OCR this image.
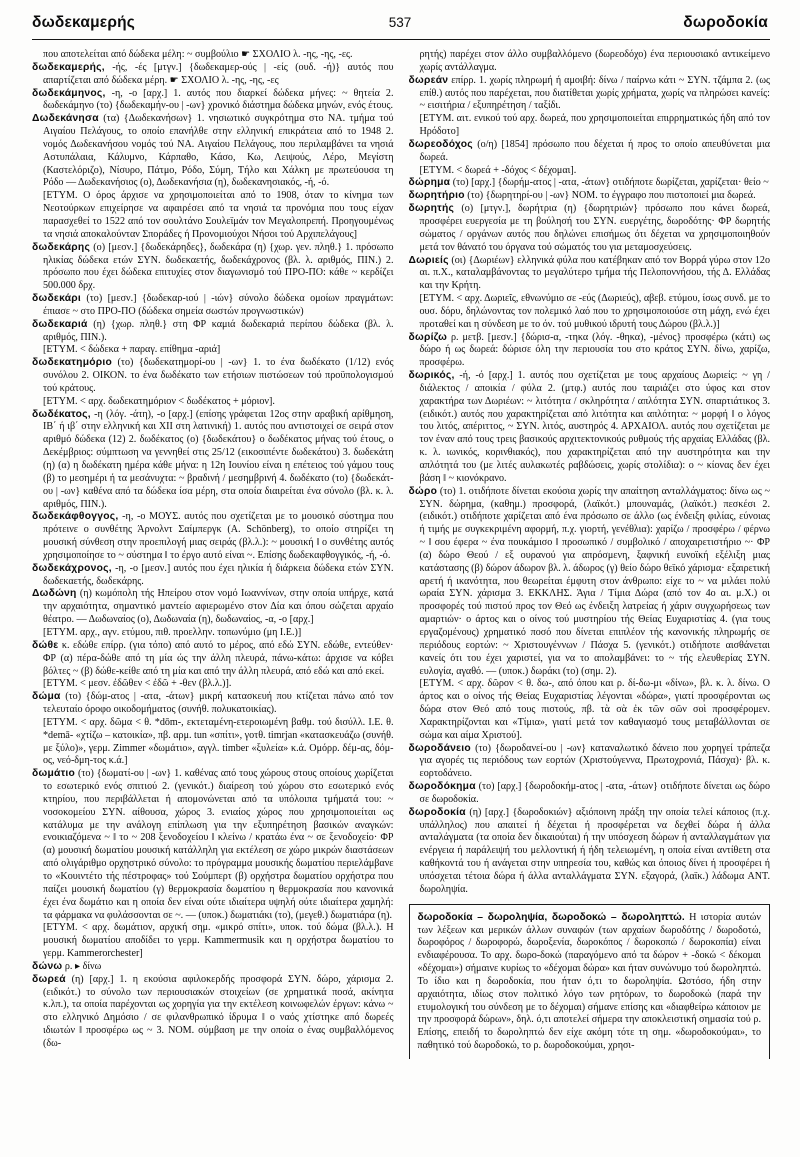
δωδεκαμερής	537	δωροδοκία

που αποτελείται από δώδεκα μέλη: ~ συμβούλιο ☛ ΣΧΟΛΙΟ λ. -ης, -ης, -ες.

δωδεκαμερής, -ής, -ές [μτγν.] {δωδεκαμερ-ούς | -είς (ουδ. -ή)} αυτός που απαρτίζεται από δώδεκα μέρη. ☛ ΣΧΟΛΙΟ λ. -ης, -ης, -ες

δωδεκάμηνος, -η, -ο [αρχ.] 1. αυτός που διαρκεί δώδεκα μήνες: ~ θητεία 2. δωδεκάμηνο (το) {δωδεκαμήν-ου | -ων} χρονικό διάστημα δώδεκα μηνών, ενός έτους.

Δωδεκάνησα (τα) {Δωδεκανήσων} 1. νησιωτικό συγκρότημα στο ΝΑ. τμήμα τού Αιγαίου Πελάγους, το οποίο επανήλθε στην ελληνική επικράτεια από το 1948 2. νομός Δωδεκανήσου νομός τού ΝΑ. Αιγαίου Πελάγους, που περιλαμβάνει τα νησιά Αστυπάλαια, Κάλυμνο, Κάρπαθο, Κάσο, Κω, Λειψούς, Λέρο, Μεγίστη (Καστελόριζο), Νίσυρο, Πάτμο, Ρόδο, Σύμη, Τήλο και Χάλκη με πρωτεύουσα τη Ρόδο — Δωδεκανήσιος (ο), Δωδεκανήσια (η), δωδεκανησιακός, -ή, -ό.

[ΕΤΥΜ. Ο όρος άρχισε να χρησιμοποιείται από το 1908, όταν το κίνημα των Νεοτούρκων επιχείρησε να αφαιρέσει από τα νησιά τα προνόμια που τους είχαν παρασχεθεί το 1522 από τον σουλτάνο Σουλεϊμάν τον Μεγαλοπρεπή. Προηγουμένως τα νησιά αποκαλούνταν Σποράδες ή Προνομιούχοι Νήσοι τού Αρχιπελάγους]

δωδεκάρης (ο) [μεσν.] {δωδεκάρηδες}, δωδεκάρα (η) {χωρ. γεν. πληθ.} 1. πρόσωπο ηλικίας δώδεκα ετών ΣΥΝ. δωδεκαετής, δωδεκάχρονος (βλ. λ. αριθμός, ΠΙΝ.) 2. πρόσωπο που έχει δώδεκα επιτυχίες στον διαγωνισμό τού ΠΡΟ-ΠΟ: κάθε ~ κερδίζει 500.000 δρχ.

δωδεκάρι (το) [μεσν.] {δωδεκαρ-ιού | -ιών} σύνολο δώδεκα ομοίων πραγμάτων: έπιασε ~ στο ΠΡΟ-ΠΟ (δώδεκα σημεία σωστών προγνωστικών)

δωδεκαριά (η) {χωρ. πληθ.} στη ΦΡ καμιά δωδεκαριά περίπου δώδεκα (βλ. λ. αριθμός, ΠΙΝ.).

[ΕΤΥΜ. < δώδεκα + παραγ. επίθημα -αριά]

δωδεκατημόριο (το) {δωδεκατημορί-ου | -ων} 1. το ένα δωδέκατο (1/12) ενός συνόλου 2. ΟΙΚΟΝ. το ένα δωδέκατο των ετήσιων πιστώσεων τού προϋπολογισμού τού κράτους.

[ΕΤΥΜ. < αρχ. δωδεκατημόριον < δωδέκατος + μόριον].

δωδέκατος, -η (λόγ. -άτη), -ο [αρχ.] (επίσης γράφεται 12ος στην αραβική αρίθμηση, ΙΒ΄ ή ιβ΄ στην ελληνική και XII στη λατινική) 1. αυτός που αντιστοιχεί σε σειρά στον αριθμό δώδεκα (12) 2. δωδέκατος (ο) {δωδεκάτου} ο δωδέκατος μήνας τού έτους, ο Δεκέμβριος: σύμπτωση να γεννηθεί στις 25/12 (εικοσιπέντε δωδεκάτου) 3. δωδεκάτη (η) (α) η δωδέκατη ημέρα κάθε μήνα: η 12η Ιουνίου είναι η επέτειος τού γάμου τους (β) το μεσημέρι ή τα μεσάνυχτα: ~ βραδινή / μεσημβρινή 4. δωδέκατο (το) {δωδεκάτ-ου | -ων} καθένα από τα δώδεκα ίσα μέρη, στα οποία διαιρείται ένα σύνολο (βλ. κ. λ. αριθμός, ΠΙΝ.).

δωδεκάφθογγος, -η, -ο ΜΟΥΣ. αυτός που σχετίζεται με το μουσικό σύστημα που πρότεινε ο συνθέτης Άρνολντ Σαίμπεργκ (A. Schönberg), το οποίο στηρίζει τη μουσική σύνθεση στην προεπιλογή μιας σειράς (βλ.λ.): ~ μουσική ‖ ο συνθέτης αυτός χρησιμοποίησε το ~ σύστημα ‖ το έργο αυτό είναι ~. Επίσης δωδεκαφθογγικός, -ή, -ό.

δωδεκάχρονος, -η, -ο [μεσν.] αυτός που έχει ηλικία ή διάρκεια δώδεκα ετών ΣΥΝ. δωδεκαετής, δωδεκάρης.

Δωδώνη (η) κωμόπολη τής Ηπείρου στον νομό Ιωαννίνων, στην οποία υπήρχε, κατά την αρχαιότητα, σημαντικό μαντείο αφιερωμένο στον Δία και όπου σώζεται αρχαίο θέατρο. — Δωδωναίος (ο), Δωδωναία (η), δωδωναίος, -α, -ο [αρχ.]

[ΕΤΥΜ. αρχ., αγν. ετύμου, πιθ. προελλην. τοπωνύμιο (μη Ι.Ε.)]

δώθε κ. εδώθε επίρρ. (για τόπο) από αυτό το μέρος, από εδώ ΣΥΝ. εδώθε, εντεύθεν· ΦΡ (α) πέρα-δώθε από τη μία ώς την άλλη πλευρά, πάνω-κάτω: άρχισε να κόβει βόλτες ~ (β) δώθε-κείθε από τη μία και από την άλλη πλευρά, από εδώ και από εκεί.

[ΕΤΥΜ. < μεσν. ἐδῶθεν < ἐδῶ + -θεν (βλ.λ.)].

δώμα (το) {δώμ-ατος | -ατα, -άτων} μικρή κατασκευή που κτίζεται πάνω από τον τελευταίο όροφο οικοδομήματος (συνήθ. πολυκατοικίας).

[ΕΤΥΜ. < αρχ. δῶμα < θ. *dōm-, εκτεταμένη-ετεροιωμένη βαθμ. τού δισύλλ. Ι.Ε. θ. *demā- «χτίζω – κατοικία», πβ. αρμ. tun «σπίτι», γοτθ. timrjan «κατασκευάζω (συνήθ. με ξύλο)», γερμ. Zimmer «δωμάτιο», αγγλ. timber «ξυλεία» κ.ά. Ομόρρ. δέμ-ας, δόμ-ος, νεό-δμη-τος κ.ά.]

δωμάτιο (το) {δωματί-ου | -ων} 1. καθένας από τους χώρους στους οποίους χωρίζεται το εσωτερικό ενός σπιτιού 2. (γενικότ.) διαίρεση τού χώρου στο εσωτερικό ενός κτηρίου, που περιβάλλεται ή απομονώνεται από τα υπόλοιπα τμήματά του: ~ νοσοκομείου ΣΥΝ. αίθουσα, χώρος 3. ενιαίος χώρος που χρησιμοποιείται ως κατάλυμα με την ανάλογη επίπλωση για την εξυπηρέτηση βασικών αναγκών: ενοικιαζόμενα ~ ‖ το ~ 208 ξενοδοχείου ‖ κλείνω / κρατάω ένα ~ σε ξενοδοχείο· ΦΡ (α) μουσική δωματίου μουσική κατάλληλη για εκτέλεση σε χώρο μικρών διαστάσεων από ολιγάριθμο ορχηστρικό σύνολο: το πρόγραμμα μουσικής δωματίου περιελάμβανε το «Κουιντέτο τής πέστροφας» τού Σούμπερτ (β) ορχήστρα δωματίου ορχήστρα που παίζει μουσική δωματίου (γ) θερμοκρασία δωματίου η θερμοκρασία που κανονικά έχει ένα δωμάτιο και η οποία δεν είναι ούτε ιδιαίτερα υψηλή ούτε ιδιαίτερα χαμηλή: τα φάρμακα να φυλάσσονται σε ~. — (υποκ.) δωματιάκι (το), (μεγεθ.) δωματιάρα (η).

[ΕΤΥΜ. < αρχ. δωμάτιον, αρχική σημ. «μικρό σπίτι», υποκ. τού δώμα (βλ.λ.). Η μουσική δωματίου αποδίδει το γερμ. Kammermusik και η ορχήστρα δωματίου το γερμ. Kammerorchester]

δώνω ρ. ▸ δίνω

δωρεά (η) [αρχ.] 1. η εκούσια αφιλοκερδής προσφορά ΣΥΝ. δώρο, χάρισμα 2. (ειδικότ.) το σύνολο των περιουσιακών στοιχείων (σε χρηματικά ποσά, ακίνητα κ.λπ.), τα οποία παρέχονται ως χορηγία για την εκτέλεση κοινωφελών έργων: κάνω ~ στο ελληνικό Δημόσιο / σε φιλανθρωπικό ίδρυμα ‖ ο ναός χτίστηκε από δωρεές ιδιωτών ‖ προσφέρω ως ~ 3. ΝΟΜ. σύμβαση με την οποία ο ένας συμβαλλόμενος (δω-

ρητής) παρέχει στον άλλο συμβαλλόμενο (δωρεοδόχο) ένα περιουσιακό αντικείμενο χωρίς αντάλλαγμα.

δωρεάν επίρρ. 1. χωρίς πληρωμή ή αμοιβή: δίνω / παίρνω κάτι ~ ΣΥΝ. τζάμπα 2. (ως επίθ.) αυτός που παρέχεται, που διατίθεται χωρίς χρήματα, χωρίς να πληρώσει κανείς: ~ εισιτήρια / εξυπηρέτηση / ταξίδι.

[ΕΤΥΜ. αιτ. ενικού τού αρχ. δωρεά, που χρησιμοποιείται επιρρηματικώς ήδη από τον Ηρόδοτο]

δωρεοδόχος (ο/η) [1854] πρόσωπο που δέχεται ή προς το οποίο απευθύνεται μια δωρεά.

[ΕΤΥΜ. < δωρεά + -δόχος < δέχομαι].

δώρημα (το) [αρχ.] {δωρήμ-ατος | -ατα, -άτων} οτιδήποτε δωρίζεται, χαρίζεται· θείο ~

δωρητήριο (το) {δωρητηρί-ου | -ων} ΝΟΜ. το έγγραφο που πιστοποιεί μια δωρεά.

δωρητής (ο) [μτγν.], δωρήτρια (η) {δωρητριών} πρόσωπο που κάνει δωρεά, προσφέρει ευεργεσία με τη βούλησή του ΣΥΝ. ευεργέτης, δωροδότης· ΦΡ δωρητής σώματος / οργάνων αυτός που δηλώνει επισήμως ότι δέχεται να χρησιμοποιηθούν μετά τον θάνατό του όργανα τού σώματός του για μεταμοσχεύσεις.

Δωριείς (οι) {Δωριέων} ελληνικά φύλα που κατέβηκαν από τον Βορρά γύρω στον 12ο αι. π.Χ., καταλαμβάνοντας το μεγαλύτερο τμήμα τής Πελοποννήσου, τής Δ. Ελλάδας και την Κρήτη.

[ΕΤΥΜ. < αρχ. Δωριεῖς, εθνωνύμιο σε -εύς (Δωριεύς), αβεβ. ετύμου, ίσως συνδ. με το ουσ. δόρυ, δηλώνοντας τον πολεμικό λαό που το χρησιμοποιούσε στη μάχη, ενώ έχει προταθεί και η σύνδεση με το όν. τού μυθικού ιδρυτή τους Δώρου (βλ.λ.)]

δωρίζω ρ. μετβ. [μεσν.] {δώρισ-α, -τηκα (λόγ. -θηκα), -μένος} προσφέρω (κάτι) ως δώρο ή ως δωρεά: δώρισε όλη την περιουσία του στο κράτος ΣΥΝ. δίνω, χαρίζω, προσφέρω.

δωρικός, -ή, -ό [αρχ.] 1. αυτός που σχετίζεται με τους αρχαίους Δωριείς: ~ γη / διάλεκτος / αποικία / φύλα 2. (μτφ.) αυτός που ταιριάζει στο ύφος και στον χαρακτήρα των Δωριέων: ~ λιτότητα / σκληρότητα / απλότητα ΣΥΝ. σπαρτιάτικος 3. (ειδικότ.) αυτός που χαρακτηρίζεται από λιτότητα και απλότητα: ~ μορφή ‖ ο λόγος του λιτός, απέριττος, ~ ΣΥΝ. λιτός, αυστηρός 4. ΑΡΧΑΙΟΛ. αυτός που σχετίζεται με τον έναν από τους τρεις βασικούς αρχιτεκτονικούς ρυθμούς τής αρχαίας Ελλάδας (βλ. κ. λ. ιωνικός, κορινθιακός), που χαρακτηρίζεται από την αυστηρότητα και την απλότητά του (με λιτές αυλακωτές ραβδώσεις, χωρίς στολίδια): ο ~ κίονας δεν έχει βάση ‖ ~ κιονόκρανο.

δώρο (το) 1. οτιδήποτε δίνεται εκούσια χωρίς την απαίτηση ανταλλάγματος: δίνω ως ~ ΣΥΝ. δώρημα, (καθημ.) προσφορά, (λαϊκότ.) μπουναμάς, (λαϊκότ.) πεσκέσι 2. (ειδικότ.) οτιδήποτε χαρίζεται από ένα πρόσωπο σε άλλο (ως ένδειξη φιλίας, εύνοιας ή τιμής με συγκεκριμένη αφορμή, π.χ. γιορτή, γενέθλια): χαρίζω / προσφέρω / φέρνω ~ ‖ σου έφερα ~ ένα πουκάμισο ‖ προσωπικό / συμβολικό / αποχαιρετιστήριο ~· ΦΡ (α) δώρο Θεού / εξ ουρανού για απρόσμενη, ξαφνική ευνοϊκή εξέλιξη μιας κατάστασης (β) δώρον άδωρον βλ. λ. άδωρος (γ) θείο δώρο θεϊκό χάρισμα· εξαιρετική αρετή ή ικανότητα, που θεωρείται έμφυτη στον άνθρωπο: είχε το ~ να μιλάει πολύ ωραία ΣΥΝ. χάρισμα 3. ΕΚΚΛΗΣ. Άγια / Τίμια Δώρα (από τον 4ο αι. μ.Χ.) οι προσφορές τού πιστού προς τον Θεό ως ένδειξη λατρείας ή χάριν συγχωρήσεως των αμαρτιών· ο άρτος και ο οίνος τού μυστηρίου τής Θείας Ευχαριστίας 4. (για τους εργαζομένους) χρηματικό ποσό που δίνεται επιπλέον τής κανονικής πληρωμής σε περιόδους εορτών: ~ Χριστουγέννων / Πάσχα 5. (γενικότ.) οτιδήποτε αισθάνεται κανείς ότι του έχει χαριστεί, για να το απολαμβάνει: το ~ τής ελευθερίας ΣΥΝ. ευλογία, αγαθό. — (υποκ.) δωράκι (το) (σημ. 2).

[ΕΤΥΜ. < αρχ. δῶρον < θ. δω-, από όπου και ρ. δί-δω-μι «δίνω», βλ. κ. λ. δίνω. Ο άρτος και ο οίνος τής Θείας Ευχαριστίας λέγονται «δώρα», γιατί προσφέρονται ως δώρα στον Θεό από τους πιστούς, πβ. τὰ σὰ ἐκ τῶν σῶν σοὶ προσφέρομεν. Χαρακτηρίζονται και «Τίμια», γιατί μετά τον καθαγιασμό τους μεταβάλλονται σε σώμα και αίμα Χριστού].

δωροδάνειο (το) {δωροδανεί-ου | -ων} καταναλωτικό δάνειο που χορηγεί τράπεζα για αγορές τις περιόδους των εορτών (Χριστούγεννα, Πρωτοχρονιά, Πάσχα)· βλ. κ. εορτοδάνειο.

δωροδόκημα (το) [αρχ.] {δωροδοκήμ-ατος | -ατα, -άτων} οτιδήποτε δίνεται ως δώρο σε δωροδοκία.

δωροδοκία (η) [αρχ.] {δωροδοκιών} αξιόποινη πράξη την οποία τελεί κάποιος (π.χ. υπάλληλος) που απαιτεί ή δέχεται ή προσφέρεται να δεχθεί δώρα ή άλλα ανταλάγματα (τα οποία δεν δικαιούται) ή την υπόσχεση δώρων ή ανταλλαγμάτων για ενέργεια ή παράλειψή του μελλοντική ή ήδη τελειωμένη, η οποία είναι αντίθετη στα καθήκοντά του ή ανάγεται στην υπηρεσία του, καθώς και όποιος δίνει ή προσφέρει ή υπόσχεται τέτοια δώρα ή άλλα ανταλλάγματα ΣΥΝ. εξαγορά, (λαϊκ.) λάδωμα ΑΝΤ. δωροληψία.

δωροδοκία – δωροληψία, δωροδοκώ – δωροληπτώ. Η ιστορία αυτών των λέξεων και μερικών άλλων συναφών (των αρχαίων δωροδότης / δωροδοτώ, δωροφόρος / δωροφορώ, δωροξενία, δωροκόπος / δωροκοπώ / δωροκοπία) είναι ενδιαφέρουσα. Το αρχ. δωρο-δοκώ (παραγόμενο από τα δώρον + -δοκώ < δέκομαι «δέχομαι») σήμαινε κυρίως το «δέχομαι δώρα» και ήταν συνώνυμο τού δωροληπτώ. Το ίδιο και η δωροδοκία, που ήταν ό,τι το δωροληψία. Ωστόσο, ήδη στην αρχαιότητα, ιδίως στον πολιτικό λόγο των ρητόρων, το δωροδοκώ (παρά την ετυμολογική του σύνδεση με το δέχομαι) σήμανε επίσης και «διαφθείρω κάποιον με την προσφορά δώρων», δηλ. ό,τι αποτελεί σήμερα την αποκλειστική σημασία τού ρ. Επίσης, επειδή το δωροληπτώ δεν είχε ακόμη τότε τη σημ. «δωροδοκούμαι», το παθητικό τού δωροδοκώ, το ρ. δωροδοκούμαι, χρησι-
